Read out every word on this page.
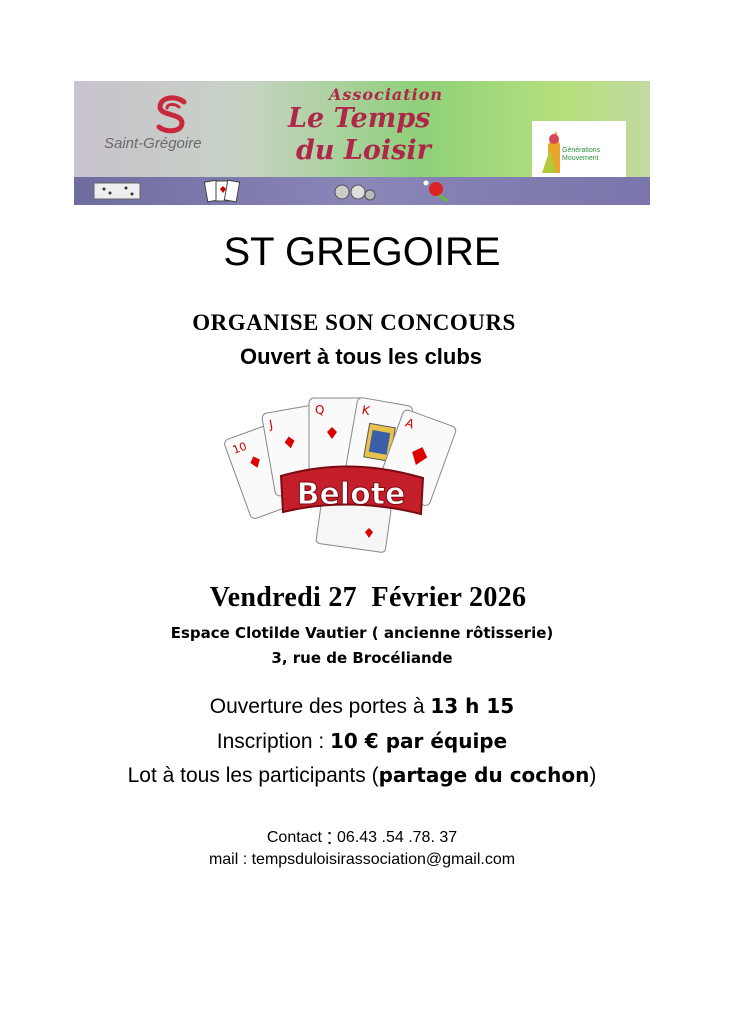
Saint-Grégoire
Association
Le Temps
du Loisir	Générations
Mouvement
ST GREGOIRE
ORGANISE SON CONCOURS
Ouvert à tous les clubs
10
J
Q	K
A
Belote
Vendredi 27  Février 2026
Espace Clotilde Vautier ( ancienne rôtisserie)
3, rue de Brocéliande
Ouverture des portes à 13 h 15
Inscription : 10 € par équipe
Lot à tous les participants (partage du cochon)
Contact : 06.43 .54 .78. 37
mail : tempsduloisirassociation@gmail.com
